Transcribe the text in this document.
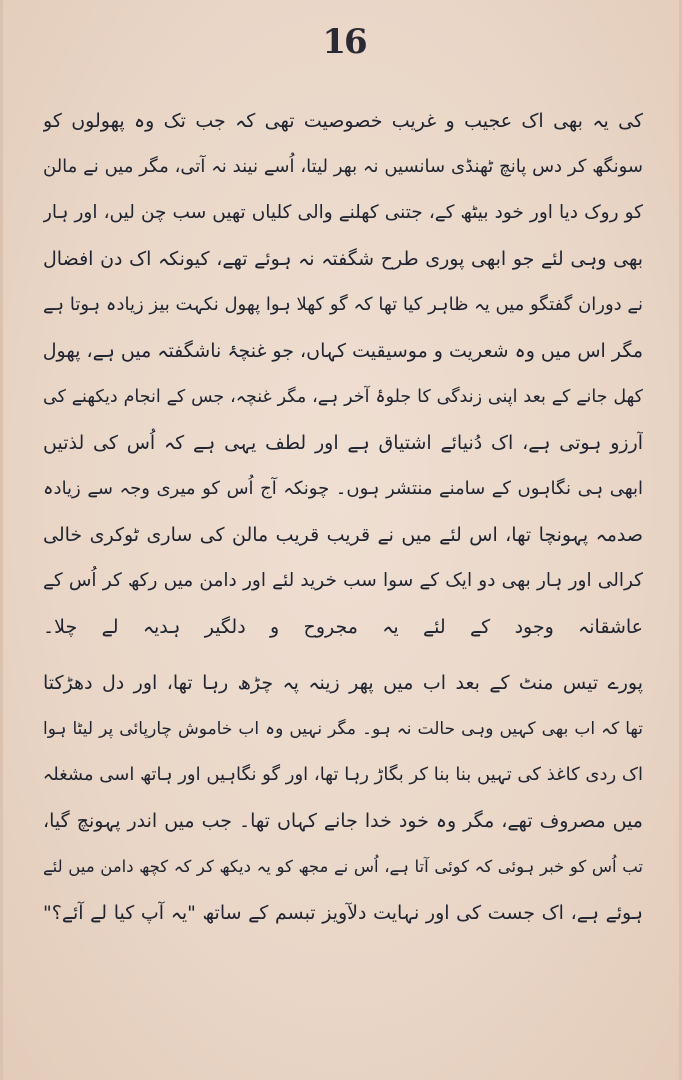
16
کی یہ بھی اک عجیب و غریب خصوصیت تھی کہ جب تک وہ پھولوں کو
سونگھ کر دس پانچ ٹھنڈی سانسیں نہ بھر لیتا، اُسے نیند نہ آتی، مگر میں نے مالن
کو روک دیا اور خود بیٹھ کے، جتنی کھلنے والی کلیاں تھیں سب چن لیں، اور ہار
بھی وہی لئے جو ابھی پوری طرح شگفتہ نہ ہوئے تھے، کیونکہ اک دن افضال
نے دوران گفتگو میں یہ ظاہر کیا تھا کہ گو کھلا ہوا پھول نکہت بیز زیادہ ہوتا ہے
مگر اس میں وہ شعریت و موسیقیت کہاں، جو غنچۂ ناشگفتہ میں ہے، پھول
کھل جانے کے بعد اپنی زندگی کا جلوۂ آخر ہے، مگر غنچہ، جس کے انجام دیکھنے کی
آرزو ہوتی ہے، اک دُنیائے اشتیاق ہے اور لطف یہی ہے کہ اُس کی لذتیں
ابھی ہی نگاہوں کے سامنے منتشر ہوں۔ چونکہ آج اُس کو میری وجہ سے زیادہ
صدمہ پہونچا تھا، اس لئے میں نے قریب قریب مالن کی ساری ٹوکری خالی
کرالی اور ہار بھی دو ایک کے سوا سب خرید لئے اور دامن میں رکھ کر اُس کے
عاشقانہ وجود کے لئے یہ مجروح و دلگیر ہدیہ لے چلا۔
پورے تیس منٹ کے بعد اب میں پھر زینہ پہ چڑھ رہا تھا، اور دل دھڑکتا
تھا کہ اب بھی کہیں وہی حالت نہ ہو۔ مگر نہیں وہ اب خاموش چارپائی پر لیٹا ہوا
اک ردی کاغذ کی تہیں بنا بنا کر بگاڑ رہا تھا، اور گو نگاہیں اور ہاتھ اسی مشغلہ
میں مصروف تھے، مگر وہ خود خدا جانے کہاں تھا۔ جب میں اندر پہونچ گیا،
تب اُس کو خبر ہوئی کہ کوئی آتا ہے، اُس نے مجھ کو یہ دیکھ کر کہ کچھ دامن میں لئے
ہوئے ہے، اک جست کی اور نہایت دلآویز تبسم کے ساتھ "یہ آپ کیا لے آئے؟"
